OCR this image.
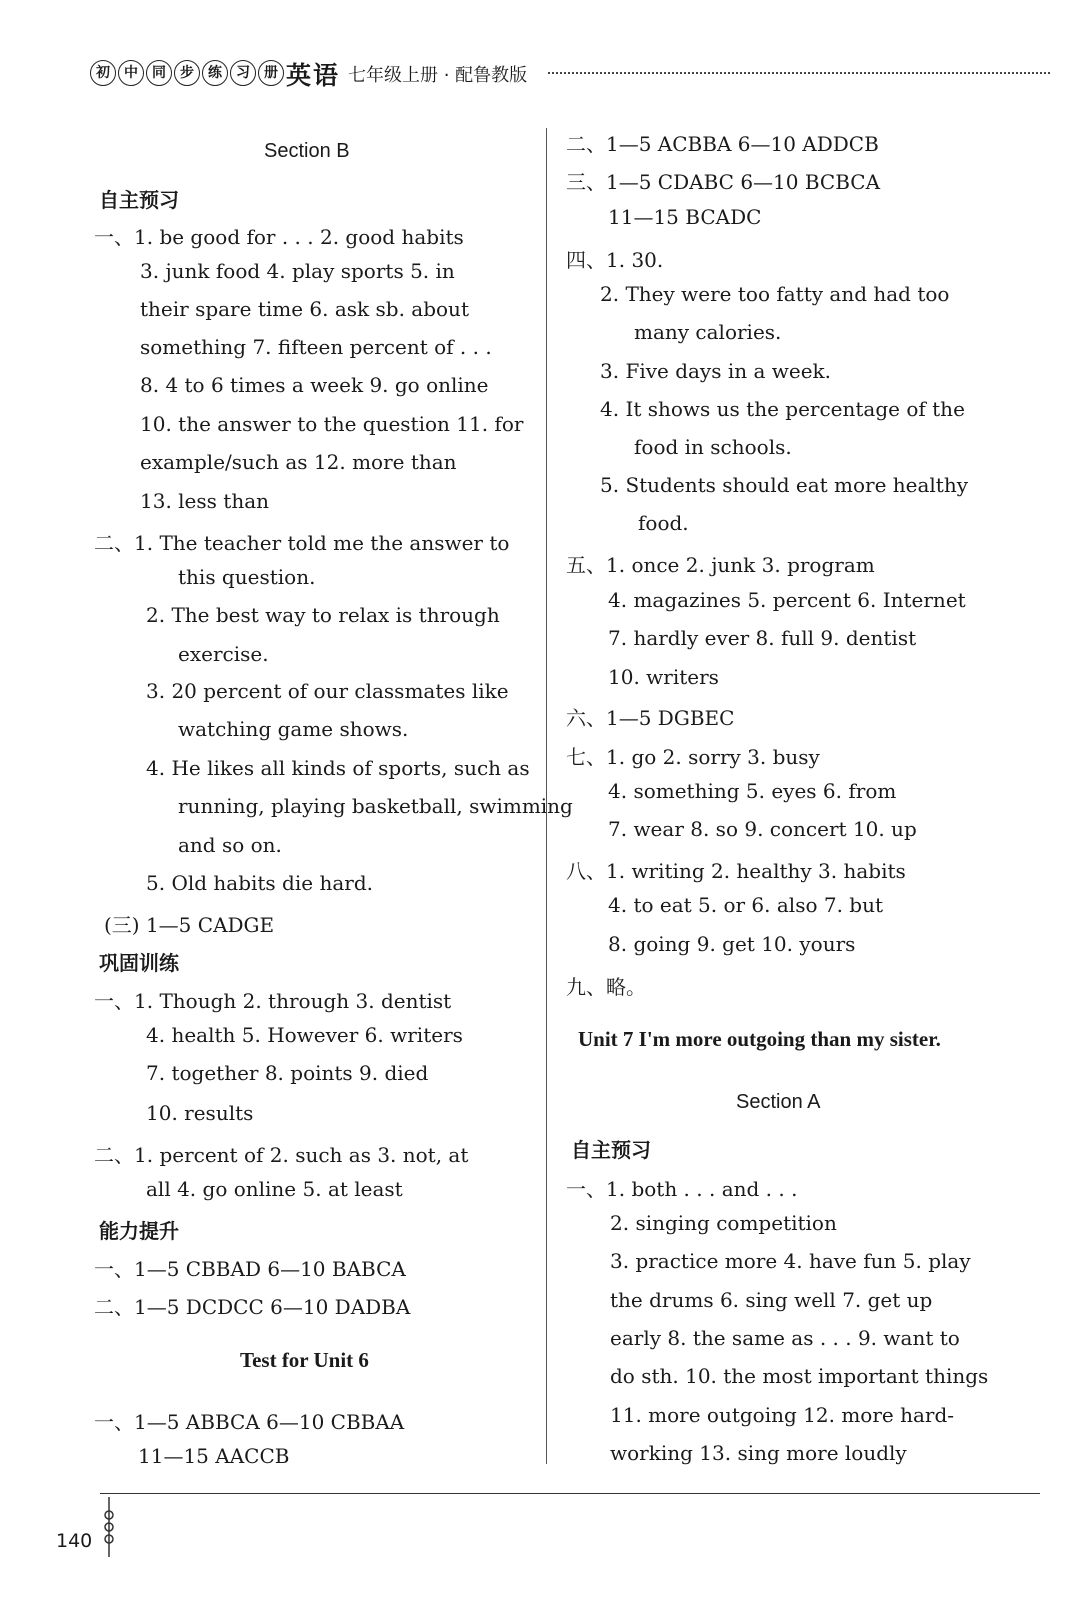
初	中	同	步	练	习	册 英语 七年级上册 · 配鲁教版
Section B
自主预习
一、1. be good for . . . 2. good habits
3. junk food 4. play sports 5. in
their spare time 6. ask sb. about
something 7. fifteen percent of . . .
8. 4 to 6 times a week 9. go online
10. the answer to the question 11. for
example/such as 12. more than
13. less than
二、1. The teacher told me the answer to
this question.
2. The best way to relax is through
exercise.
3. 20 percent of our classmates like
watching game shows.
4. He likes all kinds of sports, such as
running, playing basketball, swimming
and so on.
5. Old habits die hard.
(三) 1—5 CADGE
巩固训练
一、1. Though 2. through 3. dentist
4. health 5. However 6. writers
7. together 8. points 9. died
10. results
二、1. percent of 2. such as 3. not, at
all 4. go online 5. at least
能力提升
一、1—5 CBBAD 6—10 BABCA
二、1—5 DCDCC 6—10 DADBA
Test for Unit 6
一、1—5 ABBCA 6—10 CBBAA
11—15 AACCB
二、1—5 ACBBA 6—10 ADDCB
三、1—5 CDABC 6—10 BCBCA
11—15 BCADC
四、1. 30.
2. They were too fatty and had too
many calories.
3. Five days in a week.
4. It shows us the percentage of the
food in schools.
5. Students should eat more healthy
food.
五、1. once 2. junk 3. program
4. magazines 5. percent 6. Internet
7. hardly ever 8. full 9. dentist
10. writers
六、1—5 DGBEC
七、1. go 2. sorry 3. busy
4. something 5. eyes 6. from
7. wear 8. so 9. concert 10. up
八、1. writing 2. healthy 3. habits
4. to eat 5. or 6. also 7. but
8. going 9. get 10. yours
九、略。
Unit 7 I'm more outgoing than my sister.
Section A
自主预习
一、1. both . . . and . . .
2. singing competition
3. practice more 4. have fun 5. play
the drums 6. sing well 7. get up
early 8. the same as . . . 9. want to
do sth. 10. the most important things
11. more outgoing 12. more hard-
working 13. sing more loudly
140
